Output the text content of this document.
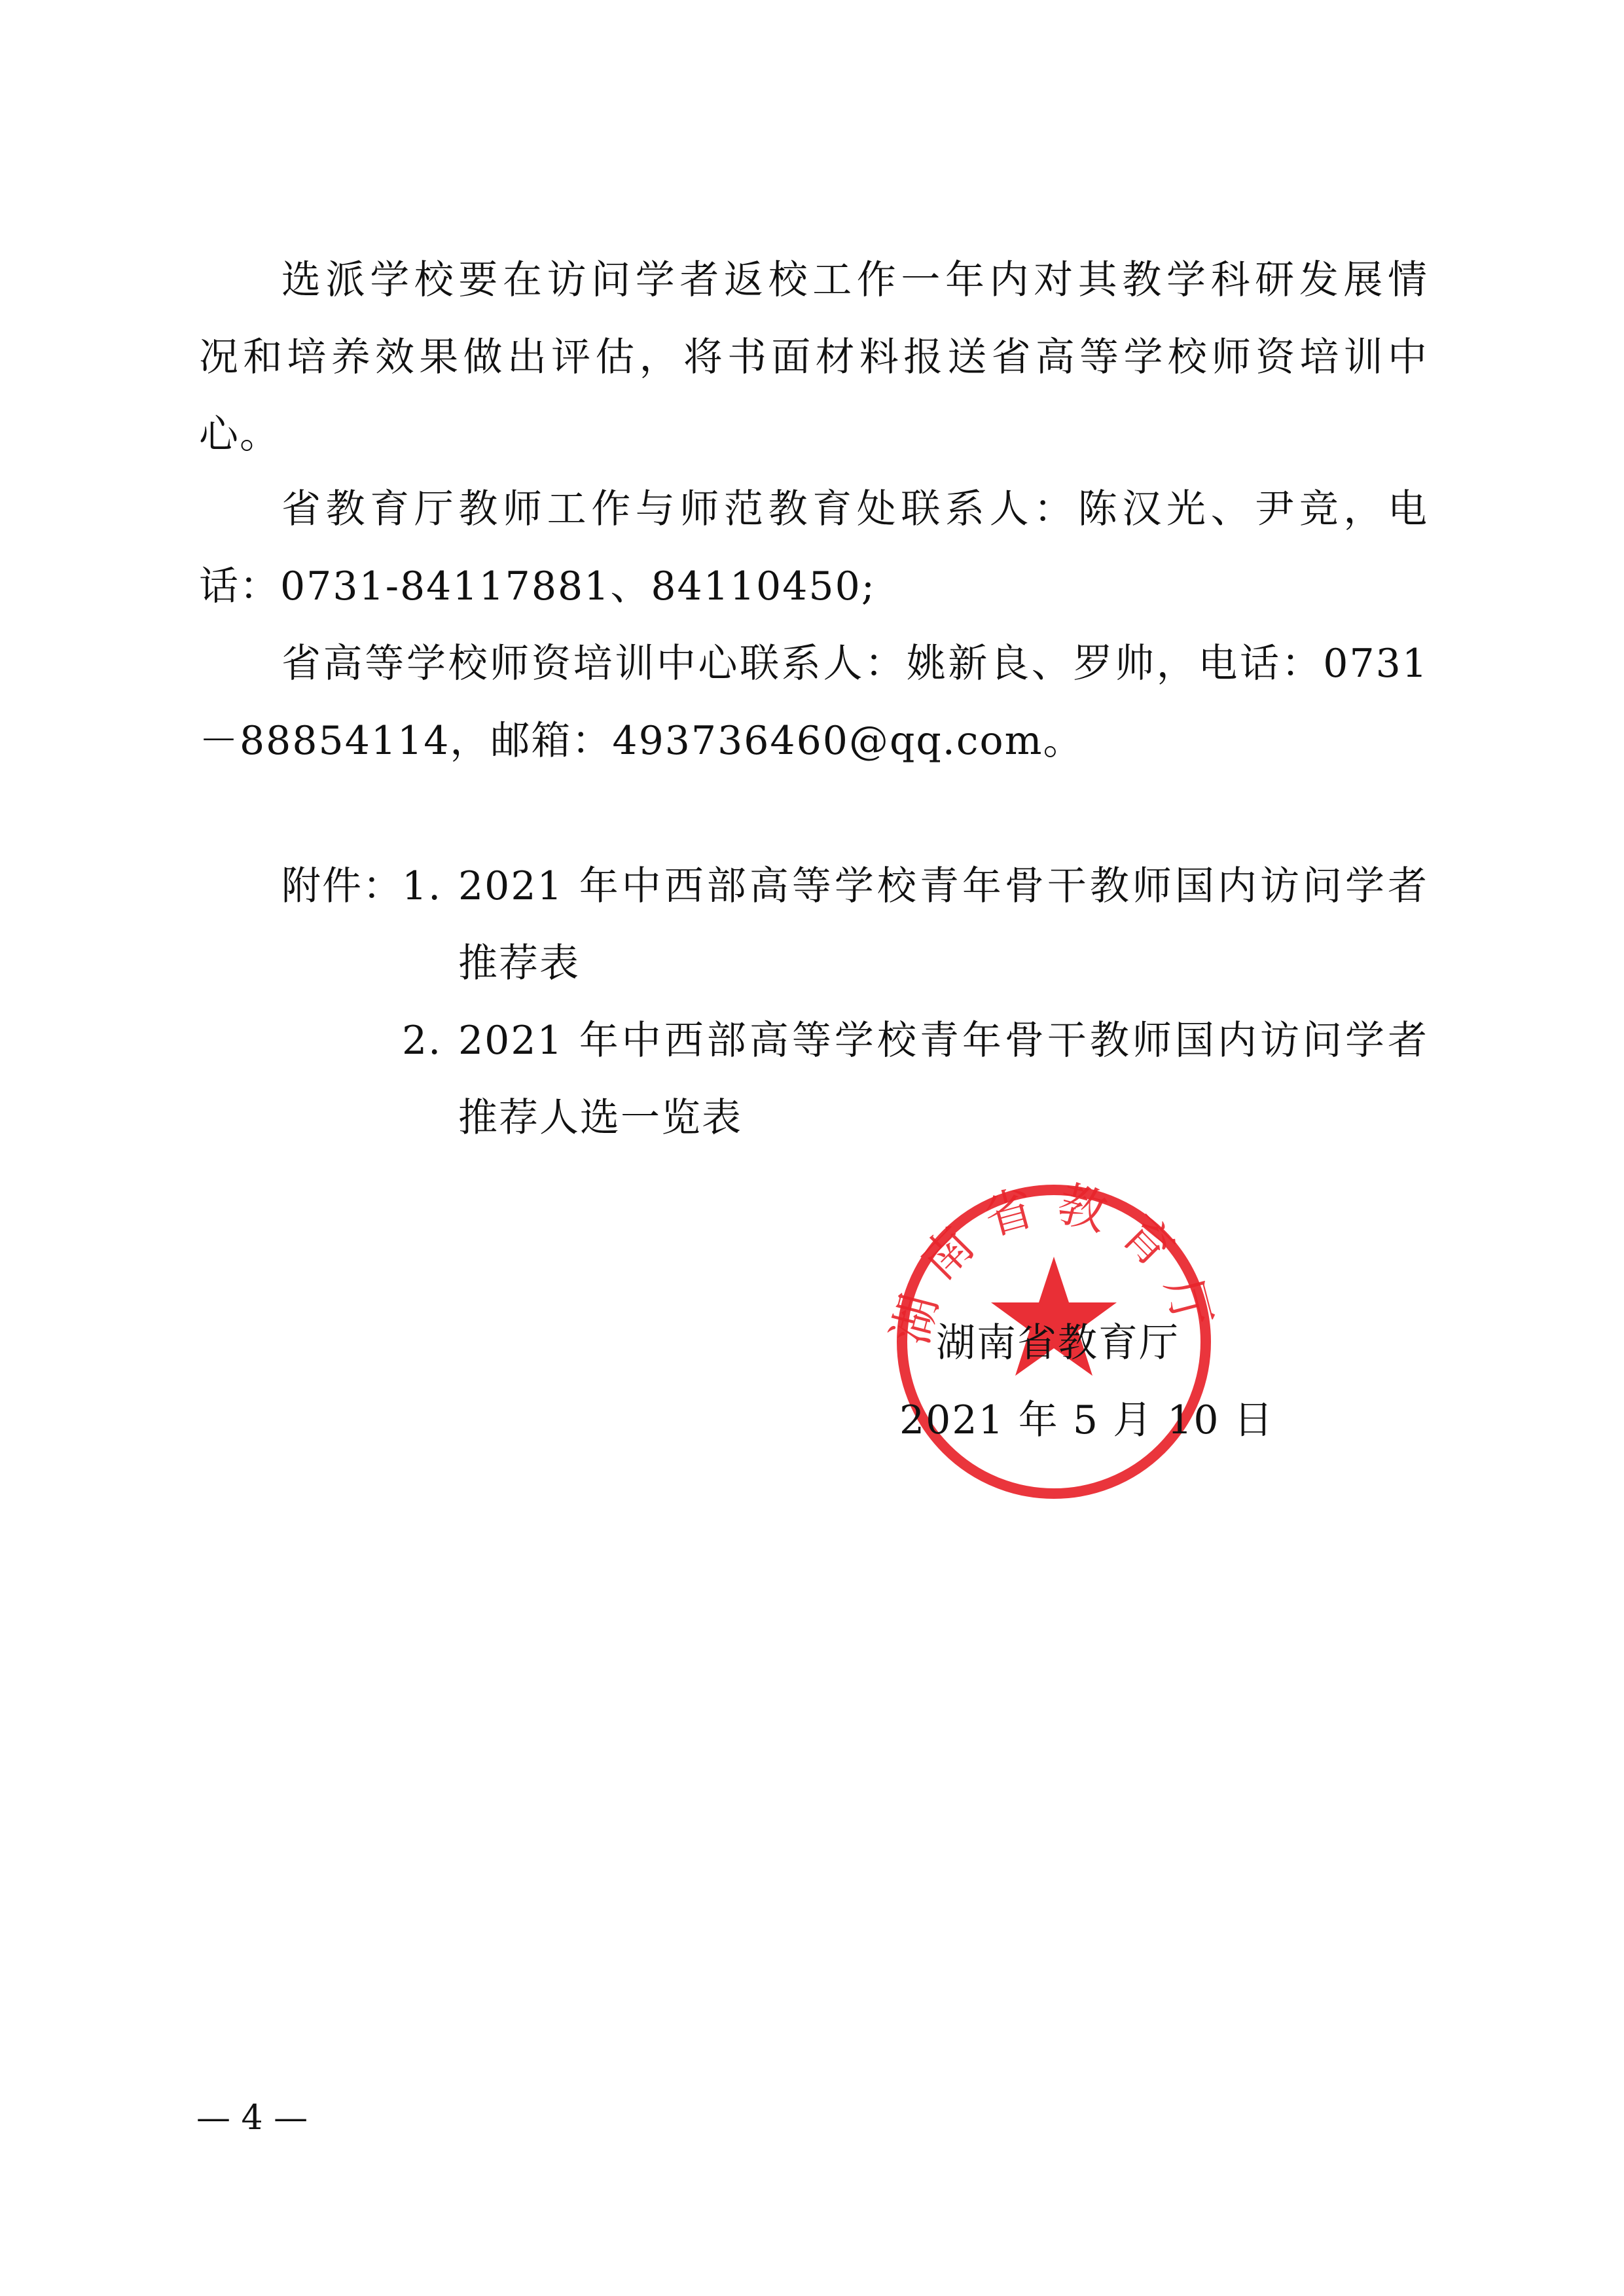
选派学校要在访问学者返校工作一年内对其教学科研发展情
况和培养效果做出评估，将书面材料报送省高等学校师资培训中
心。
省教育厅教师工作与师范教育处联系人：陈汉光、尹竞，电
话：0731-84117881、84110450;
省高等学校师资培训中心联系人：姚新良、罗帅，电话：0731
－88854114，邮箱：493736460@qq.com。
附件：
1. 2021 年中西部高等学校青年骨干教师国内访问学者
推荐表
2. 2021 年中西部高等学校青年骨干教师国内访问学者
推荐人选一览表
湖南省教育厅
湖南省教育厅
2021 年 5 月 10 日
— 4 —
